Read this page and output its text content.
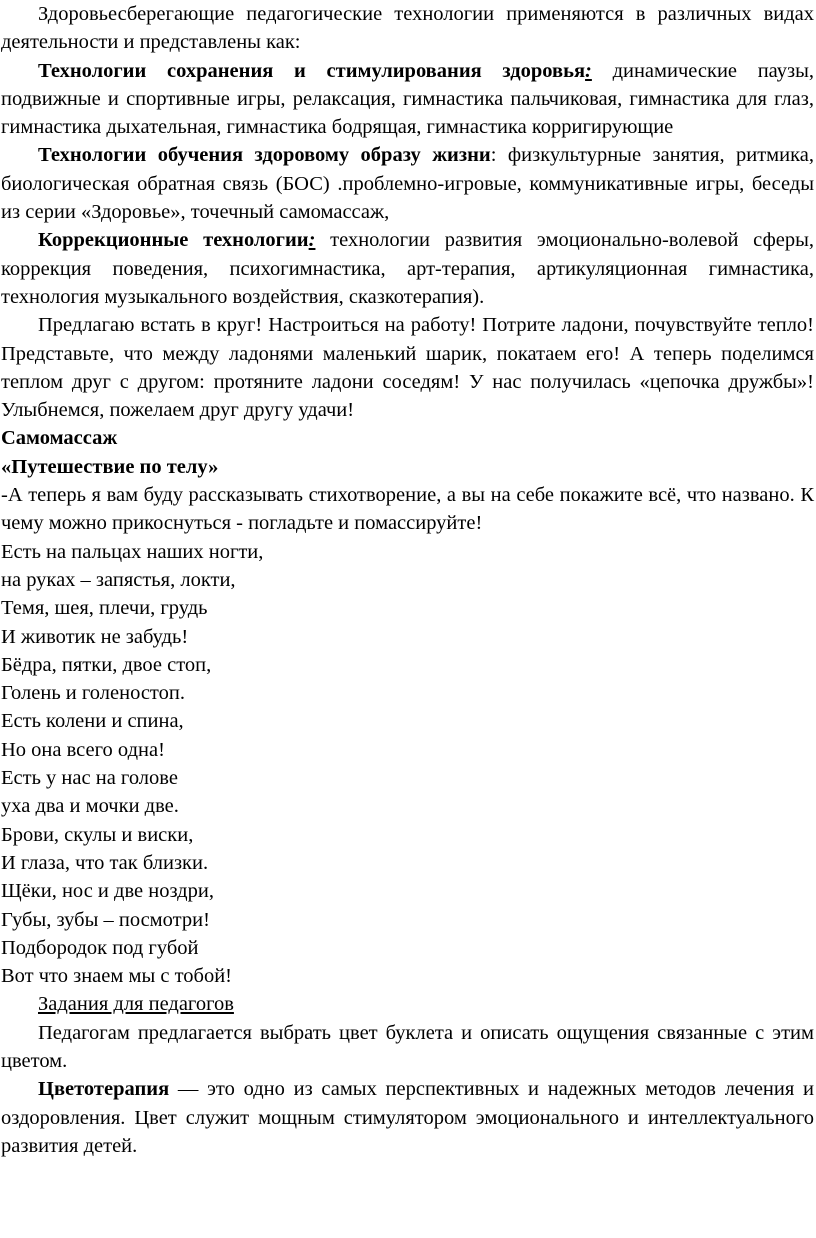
Здоровьесберегающие педагогические технологии применяются в различных видах деятельности и представлены как:

Технологии сохранения и стимулирования здоровья: динамические паузы, подвижные и спортивные игры, релаксация, гимнастика пальчиковая, гимнастика для глаз, гимнастика дыхательная, гимнастика бодрящая, гимнастика корригирующие

Технологии обучения здоровому образу жизни: физкультурные занятия, ритмика, биологическая обратная связь (БОС) .проблемно-игровые, коммуникативные игры, беседы из серии «Здоровье», точечный самомассаж,

Коррекционные технологии: технологии развития эмоционально-волевой сферы, коррекция поведения, психогимнастика, арт-терапия, артикуляционная гимнастика, технология музыкального воздействия, сказкотерапия).

Предлагаю встать в круг! Настроиться на работу! Потрите ладони, почувствуйте тепло! Представьте, что между ладонями маленький шарик, покатаем его! А теперь поделимся теплом друг с другом: протяните ладони соседям! У нас получилась «цепочка дружбы»! Улыбнемся, пожелаем друг другу удачи!

Самомассаж

«Путешествие по телу»

-А теперь я вам буду рассказывать стихотворение, а вы на себе покажите всё, что названо. К чему можно прикоснуться - погладьте и помассируйте!

Есть на пальцах наших ногти,

на руках – запястья, локти,

Темя, шея, плечи, грудь

И животик не забудь!

Бёдра, пятки, двое стоп,

Голень и голеностоп.

Есть колени и спина,

Но она всего одна!

Есть у нас на голове

уха два и мочки две.

Брови, скулы и виски,

И глаза, что так близки.

Щёки, нос и две ноздри,

Губы, зубы – посмотри!

Подбородок под губой

Вот что знаем мы с тобой!

Задания для педагогов

Педагогам предлагается выбрать цвет буклета и описать ощущения связанные с этим цветом.

Цветотерапия — это одно из самых перспективных и надежных методов лечения и оздоровления. Цвет служит мощным стимулятором эмоционального и интеллектуального развития детей.
